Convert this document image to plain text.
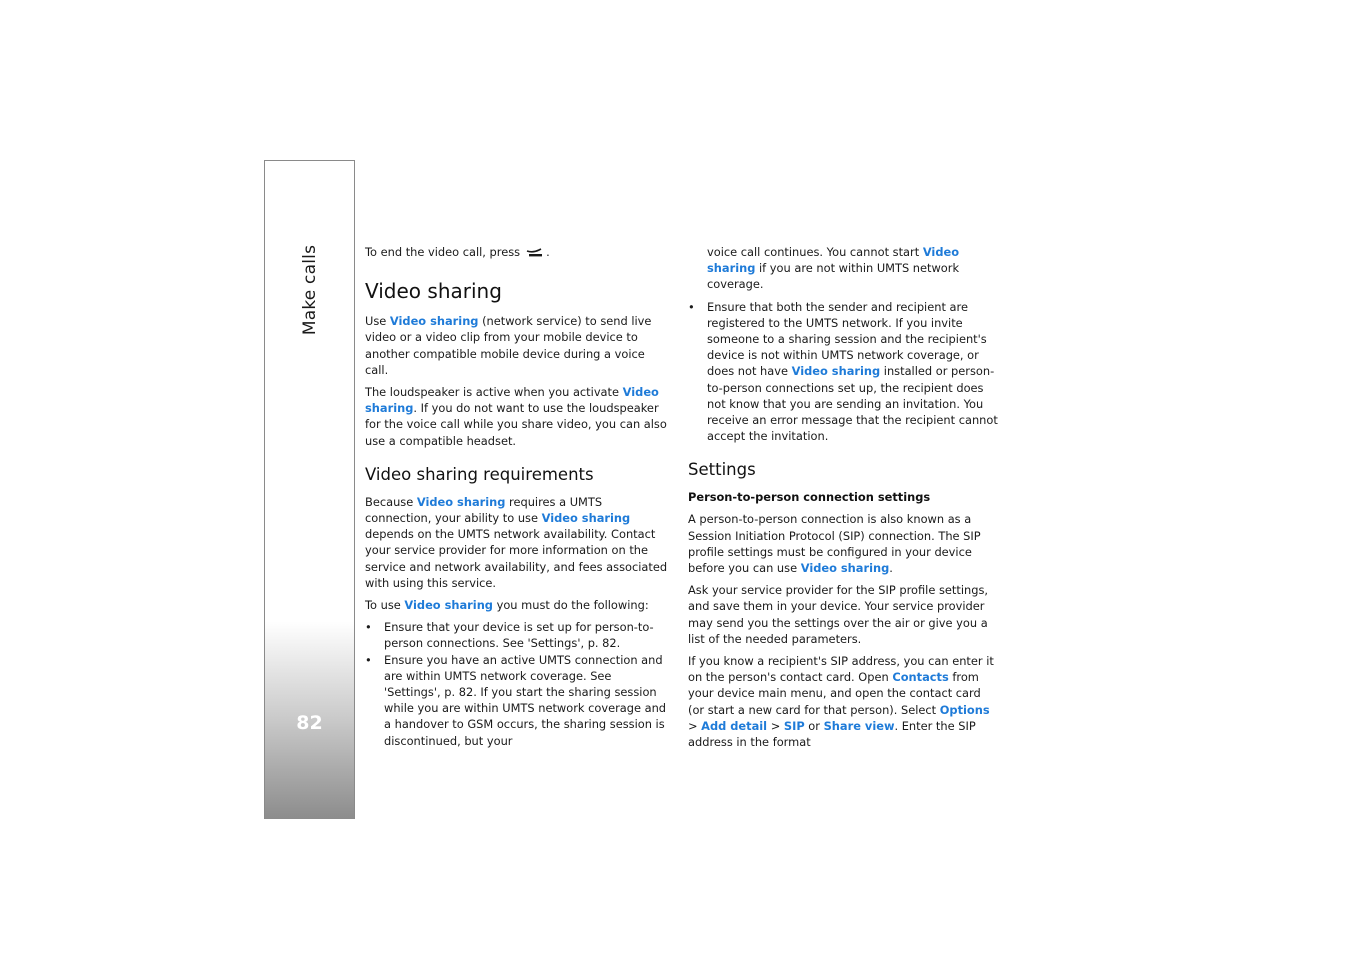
Make calls
82

To end the video call, press .

Video sharing

Use Video sharing (network service) to send live video or a video clip from your mobile device to another compatible mobile device during a voice call.

The loudspeaker is active when you activate Video sharing. If you do not want to use the loudspeaker for the voice call while you share video, you can also use a compatible headset.

Video sharing requirements

Because Video sharing requires a UMTS connection, your ability to use Video sharing depends on the UMTS network availability. Contact your service provider for more information on the service and network availability, and fees associated with using this service.

To use Video sharing you must do the following:

• Ensure that your device is set up for person-to-person connections. See 'Settings', p. 82.
• Ensure you have an active UMTS connection and are within UMTS network coverage. See 'Settings', p. 82. If you start the sharing session while you are within UMTS network coverage and a handover to GSM occurs, the sharing session is discontinued, but your

voice call continues. You cannot start Video sharing if you are not within UMTS network coverage.

• Ensure that both the sender and recipient are registered to the UMTS network. If you invite someone to a sharing session and the recipient's device is not within UMTS network coverage, or does not have Video sharing installed or person-to-person connections set up, the recipient does not know that you are sending an invitation. You receive an error message that the recipient cannot accept the invitation.
Settings
Person-to-person connection settings

A person-to-person connection is also known as a Session Initiation Protocol (SIP) connection. The SIP profile settings must be configured in your device before you can use Video sharing.

Ask your service provider for the SIP profile settings, and save them in your device. Your service provider may send you the settings over the air or give you a list of the needed parameters.

If you know a recipient's SIP address, you can enter it on the person's contact card. Open Contacts from your device main menu, and open the contact card (or start a new card for that person). Select Options > Add detail > SIP or Share view. Enter the SIP address in the format
